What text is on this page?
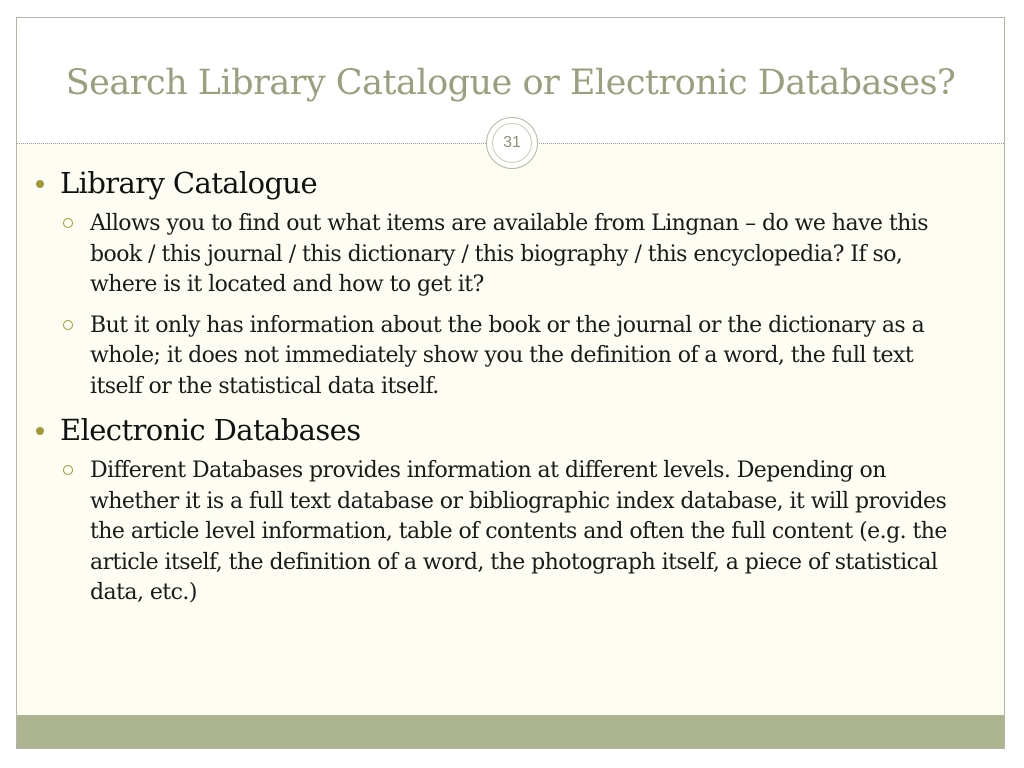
Search Library Catalogue or Electronic Databases?
31
Library Catalogue
Allows you to find out what items are available from Lingnan – do we have this book / this journal / this dictionary / this biography / this encyclopedia? If so, where is it located and how to get it?
But it only has information about the book or the journal or the dictionary as a whole; it does not immediately show you the definition of a word, the full text itself or the statistical data itself.
Electronic Databases
Different Databases provides information at different levels. Depending on whether it is a full text database or bibliographic index database, it will provides the article level information, table of contents and often the full content (e.g. the article itself, the definition of a word, the photograph itself, a piece of statistical data, etc.)
